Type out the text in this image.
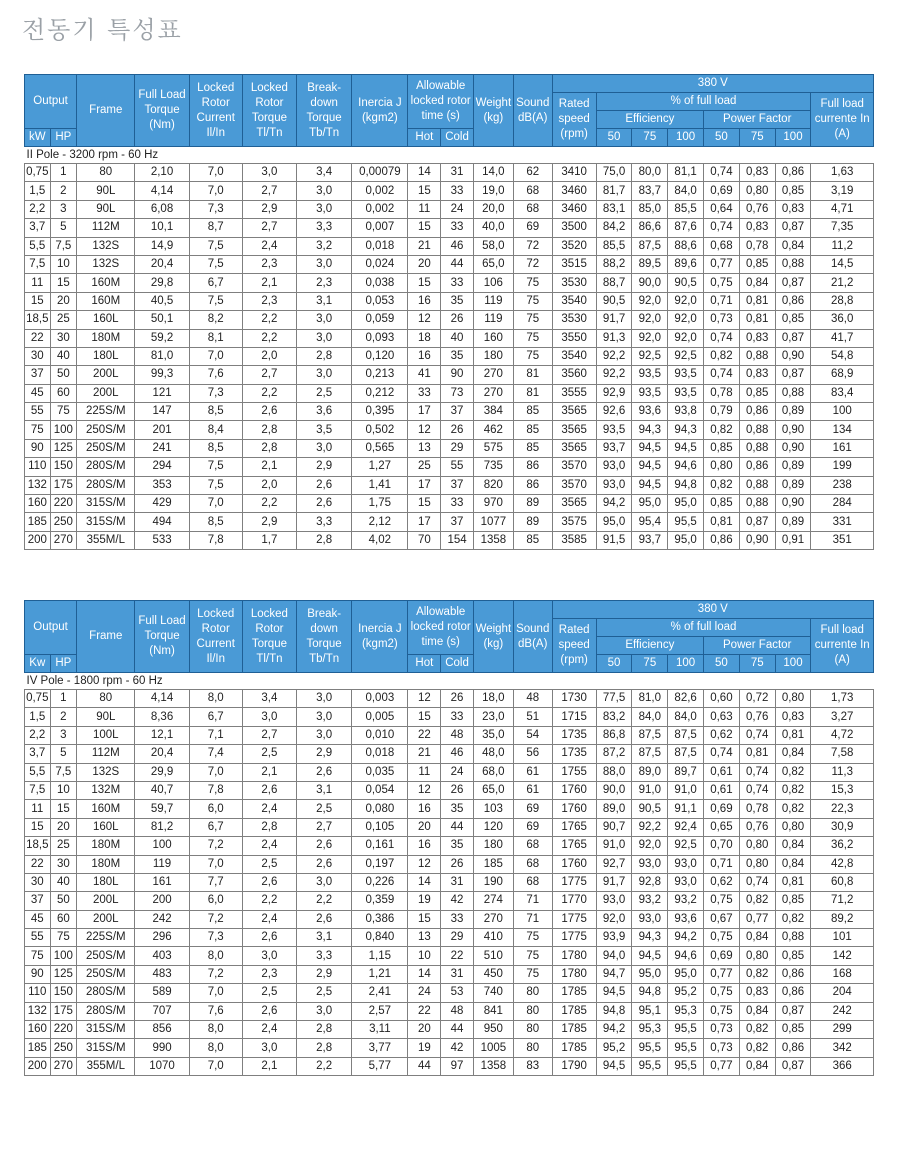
전동기 특성표
Output		Frame	Full Load Torque (Nm)	Locked Rotor Current Il/In	Locked Rotor Torque Tl/Tn	Break-down Torque Tb/Tn	Inercia J (kgm2)	Allowable locked rotor time (s)		Weight (kg)	Sound dB(A)	380 V							
												Rated speed (rpm)	% of full load						Full load currente In (A)
													Efficiency			Power Factor			
kW	HP							Hot	Cold				50	75	100	50	75	100	
II Pole - 3200 rpm - 60 Hz																			
0,75	1	80	2,10	7,0	3,0	3,4	0,00079	14	31	14,0	62	3410	75,0	80,0	81,1	0,74	0,83	0,86	1,63
1,5	2	90L	4,14	7,0	2,7	3,0	0,002	15	33	19,0	68	3460	81,7	83,7	84,0	0,69	0,80	0,85	3,19
2,2	3	90L	6,08	7,3	2,9	3,0	0,002	11	24	20,0	68	3460	83,1	85,0	85,5	0,64	0,76	0,83	4,71
3,7	5	112M	10,1	8,7	2,7	3,3	0,007	15	33	40,0	69	3500	84,2	86,6	87,6	0,74	0,83	0,87	7,35
5,5	7,5	132S	14,9	7,5	2,4	3,2	0,018	21	46	58,0	72	3520	85,5	87,5	88,6	0,68	0,78	0,84	11,2
7,5	10	132S	20,4	7,5	2,3	3,0	0,024	20	44	65,0	72	3515	88,2	89,5	89,6	0,77	0,85	0,88	14,5
11	15	160M	29,8	6,7	2,1	2,3	0,038	15	33	106	75	3530	88,7	90,0	90,5	0,75	0,84	0,87	21,2
15	20	160M	40,5	7,5	2,3	3,1	0,053	16	35	119	75	3540	90,5	92,0	92,0	0,71	0,81	0,86	28,8
18,5	25	160L	50,1	8,2	2,2	3,0	0,059	12	26	119	75	3530	91,7	92,0	92,0	0,73	0,81	0,85	36,0
22	30	180M	59,2	8,1	2,2	3,0	0,093	18	40	160	75	3550	91,3	92,0	92,0	0,74	0,83	0,87	41,7
30	40	180L	81,0	7,0	2,0	2,8	0,120	16	35	180	75	3540	92,2	92,5	92,5	0,82	0,88	0,90	54,8
37	50	200L	99,3	7,6	2,7	3,0	0,213	41	90	270	81	3560	92,2	93,5	93,5	0,74	0,83	0,87	68,9
45	60	200L	121	7,3	2,2	2,5	0,212	33	73	270	81	3555	92,9	93,5	93,5	0,78	0,85	0,88	83,4
55	75	225S/M	147	8,5	2,6	3,6	0,395	17	37	384	85	3565	92,6	93,6	93,8	0,79	0,86	0,89	100
75	100	250S/M	201	8,4	2,8	3,5	0,502	12	26	462	85	3565	93,5	94,3	94,3	0,82	0,88	0,90	134
90	125	250S/M	241	8,5	2,8	3,0	0,565	13	29	575	85	3565	93,7	94,5	94,5	0,85	0,88	0,90	161
110	150	280S/M	294	7,5	2,1	2,9	1,27	25	55	735	86	3570	93,0	94,5	94,6	0,80	0,86	0,89	199
132	175	280S/M	353	7,5	2,0	2,6	1,41	17	37	820	86	3570	93,0	94,5	94,8	0,82	0,88	0,89	238
160	220	315S/M	429	7,0	2,2	2,6	1,75	15	33	970	89	3565	94,2	95,0	95,0	0,85	0,88	0,90	284
185	250	315S/M	494	8,5	2,9	3,3	2,12	17	37	1077	89	3575	95,0	95,4	95,5	0,81	0,87	0,89	331
200	270	355M/L	533	7,8	1,7	2,8	4,02	70	154	1358	85	3585	91,5	93,7	95,0	0,86	0,90	0,91	351
Output		Frame	Full Load Torque (Nm)	Locked Rotor Current Il/In	Locked Rotor Torque Tl/Tn	Break-down Torque Tb/Tn	Inercia J (kgm2)	Allowable locked rotor time (s)		Weight (kg)	Sound dB(A)	380 V							
												Rated speed (rpm)	% of full load						Full load currente In (A)
													Efficiency			Power Factor			
Kw	HP							Hot	Cold				50	75	100	50	75	100	
IV Pole - 1800 rpm - 60 Hz																			
0,75	1	80	4,14	8,0	3,4	3,0	0,003	12	26	18,0	48	1730	77,5	81,0	82,6	0,60	0,72	0,80	1,73
1,5	2	90L	8,36	6,7	3,0	3,0	0,005	15	33	23,0	51	1715	83,2	84,0	84,0	0,63	0,76	0,83	3,27
2,2	3	100L	12,1	7,1	2,7	3,0	0,010	22	48	35,0	54	1735	86,8	87,5	87,5	0,62	0,74	0,81	4,72
3,7	5	112M	20,4	7,4	2,5	2,9	0,018	21	46	48,0	56	1735	87,2	87,5	87,5	0,74	0,81	0,84	7,58
5,5	7,5	132S	29,9	7,0	2,1	2,6	0,035	11	24	68,0	61	1755	88,0	89,0	89,7	0,61	0,74	0,82	11,3
7,5	10	132M	40,7	7,8	2,6	3,1	0,054	12	26	65,0	61	1760	90,0	91,0	91,0	0,61	0,74	0,82	15,3
11	15	160M	59,7	6,0	2,4	2,5	0,080	16	35	103	69	1760	89,0	90,5	91,1	0,69	0,78	0,82	22,3
15	20	160L	81,2	6,7	2,8	2,7	0,105	20	44	120	69	1765	90,7	92,2	92,4	0,65	0,76	0,80	30,9
18,5	25	180M	100	7,2	2,4	2,6	0,161	16	35	180	68	1765	91,0	92,0	92,5	0,70	0,80	0,84	36,2
22	30	180M	119	7,0	2,5	2,6	0,197	12	26	185	68	1760	92,7	93,0	93,0	0,71	0,80	0,84	42,8
30	40	180L	161	7,7	2,6	3,0	0,226	14	31	190	68	1775	91,7	92,8	93,0	0,62	0,74	0,81	60,8
37	50	200L	200	6,0	2,2	2,2	0,359	19	42	274	71	1770	93,0	93,2	93,2	0,75	0,82	0,85	71,2
45	60	200L	242	7,2	2,4	2,6	0,386	15	33	270	71	1775	92,0	93,0	93,6	0,67	0,77	0,82	89,2
55	75	225S/M	296	7,3	2,6	3,1	0,840	13	29	410	75	1775	93,9	94,3	94,2	0,75	0,84	0,88	101
75	100	250S/M	403	8,0	3,0	3,3	1,15	10	22	510	75	1780	94,0	94,5	94,6	0,69	0,80	0,85	142
90	125	250S/M	483	7,2	2,3	2,9	1,21	14	31	450	75	1780	94,7	95,0	95,0	0,77	0,82	0,86	168
110	150	280S/M	589	7,0	2,5	2,5	2,41	24	53	740	80	1785	94,5	94,8	95,2	0,75	0,83	0,86	204
132	175	280S/M	707	7,6	2,6	3,0	2,57	22	48	841	80	1785	94,8	95,1	95,3	0,75	0,84	0,87	242
160	220	315S/M	856	8,0	2,4	2,8	3,11	20	44	950	80	1785	94,2	95,3	95,5	0,73	0,82	0,85	299
185	250	315S/M	990	8,0	3,0	2,8	3,77	19	42	1005	80	1785	95,2	95,5	95,5	0,73	0,82	0,86	342
200	270	355M/L	1070	7,0	2,1	2,2	5,77	44	97	1358	83	1790	94,5	95,5	95,5	0,77	0,84	0,87	366
